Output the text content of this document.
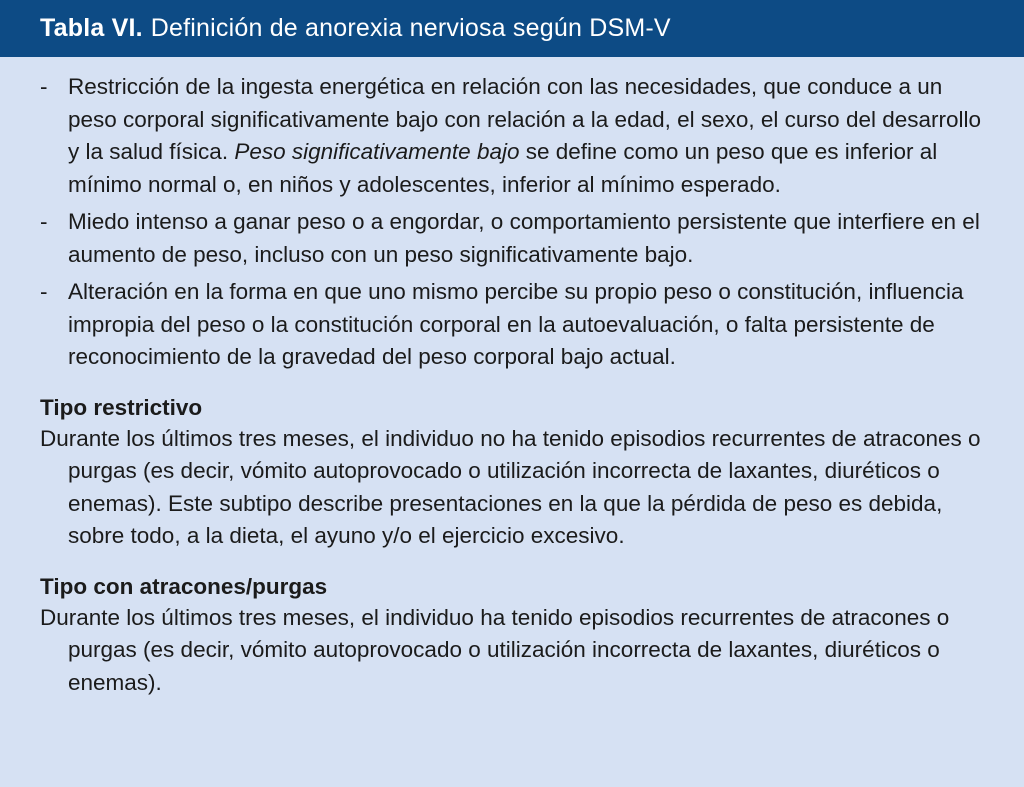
Tabla VI. Definición de anorexia nerviosa según DSM-V
- Restricción de la ingesta energética en relación con las necesidades, que conduce a un peso corporal significativamente bajo con relación a la edad, el sexo, el curso del desarrollo y la salud física. Peso significativamente bajo se define como un peso que es inferior al mínimo normal o, en niños y adolescentes, inferior al mínimo esperado.
- Miedo intenso a ganar peso o a engordar, o comportamiento persistente que interfiere en el aumento de peso, incluso con un peso significativamente bajo.
- Alteración en la forma en que uno mismo percibe su propio peso o constitución, influencia impropia del peso o la constitución corporal en la autoevaluación, o falta persistente de reconocimiento de la gravedad del peso corporal bajo actual.
Tipo restrictivo
Durante los últimos tres meses, el individuo no ha tenido episodios recurrentes de atracones o purgas (es decir, vómito autoprovocado o utilización incorrecta de laxantes, diuréticos o enemas). Este subtipo describe presentaciones en la que la pérdida de peso es debida, sobre todo, a la dieta, el ayuno y/o el ejercicio excesivo.
Tipo con atracones/purgas
Durante los últimos tres meses, el individuo ha tenido episodios recurrentes de atracones o purgas (es decir, vómito autoprovocado o utilización incorrecta de laxantes, diuréticos o enemas).
